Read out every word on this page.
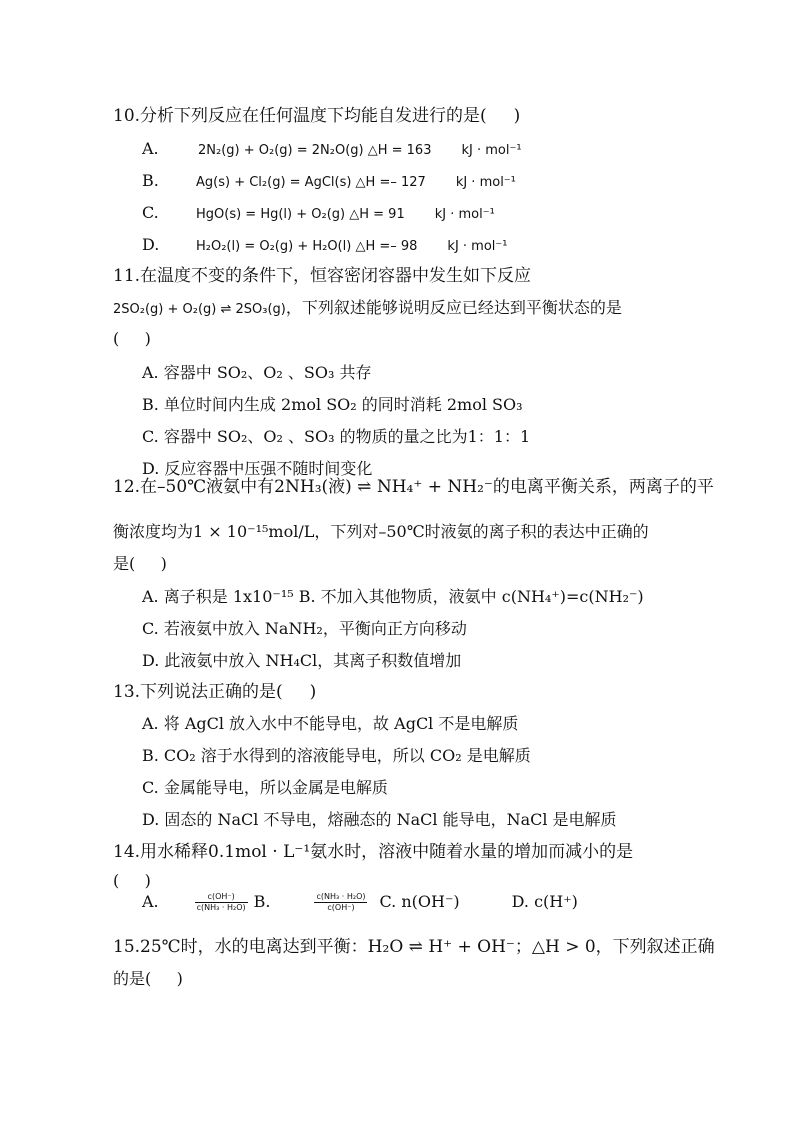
10.分析下列反应在任何温度下均能自发进行的是(     )
A.	2N₂(g) + O₂(g) = 2N₂O(g) △H = 163 kJ · mol⁻¹
B.	Ag(s) + Cl₂(g) = AgCl(s) △H =– 127 kJ · mol⁻¹
C.	HgO(s) = Hg(l) + O₂(g) △H = 91 kJ · mol⁻¹
D.	H₂O₂(l) = O₂(g) + H₂O(l) △H =– 98 kJ · mol⁻¹
11.在温度不变的条件下，恒容密闭容器中发生如下反应
2SO₂(g) + O₂(g) ⇌ 2SO₃(g)，下列叙述能够说明反应已经达到平衡状态的是
(     )
A. 容器中 SO₂、O₂ 、SO₃ 共存
B. 单位时间内生成 2mol SO₂ 的同时消耗 2mol SO₃
C. 容器中 SO₂、O₂ 、SO₃ 的物质的量之比为1：1：1
D. 反应容器中压强不随时间变化
12.在–50℃液氨中有2NH₃(液) ⇌ NH₄⁺ + NH₂⁻的电离平衡关系，两离子的平
衡浓度均为1 × 10⁻¹⁵mol/L，下列对–50℃时液氨的离子积的表达中正确的
是(     )
A. 离子积是 1x10⁻¹⁵ B. 不加入其他物质，液氨中 c(NH₄⁺)=c(NH₂⁻)
C. 若液氨中放入 NaNH₂，平衡向正方向移动
D. 此液氨中放入 NH₄Cl，其离子积数值增加
13.下列说法正确的是(     )
A. 将 AgCl 放入水中不能导电，故 AgCl 不是电解质
B. CO₂ 溶于水得到的溶液能导电，所以 CO₂ 是电解质
C. 金属能导电，所以金属是电解质
D. 固态的 NaCl 不导电，熔融态的 NaCl 能导电，NaCl 是电解质
14.用水稀释0.1mol · L⁻¹氨水时，溶液中随着水量的增加而减小的是
(     )
A.	$\frac{c(OH^-)}{\text{c(NH₃ · H₂O)}} B$.	$\frac{\text{c(NH₃ · H₂O)}}{c(OH^-)} C$. n(OH⁻)	D. c(H⁺)
15.25℃时，水的电离达到平衡：H₂O ⇌ H⁺ + OH⁻；△H > 0，下列叙述正确
的是(     )
